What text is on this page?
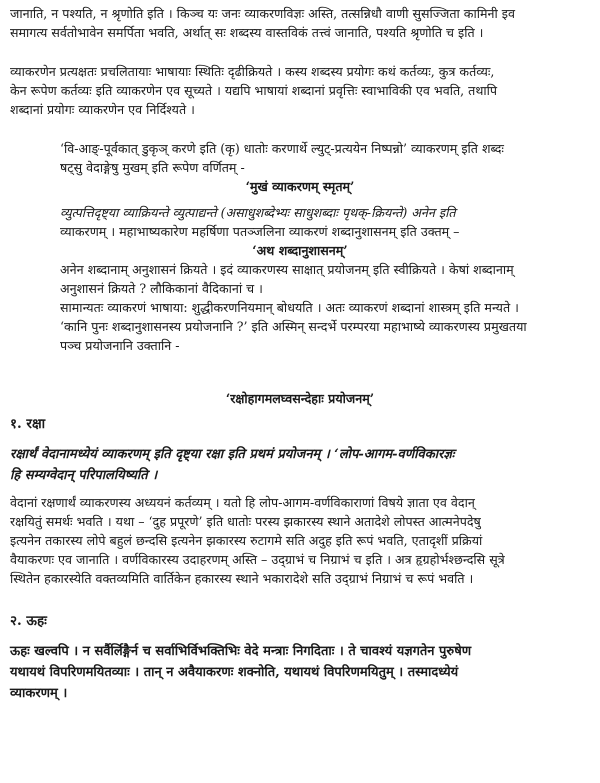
जानाति, न पश्यति, न श्रृणोति इति । किञ्च यः जनः व्याकरणविज्ञः अस्ति, तत्सन्निधौ वाणी सुसज्जिता कामिनी इव
समागत्य सर्वतोभावेन समर्पिता भवति, अर्थात् सः शब्दस्य वास्तविकं तत्त्वं जानाति, पश्यति श्रृणोति च इति ।

व्याकरणेन प्रत्यक्षतः प्रचलितायाः भाषायाः स्थितिः दृढीक्रियते । कस्य शब्दस्य प्रयोगः कथं कर्तव्यः, कुत्र कर्तव्यः,
केन रूपेण कर्तव्यः इति व्याकरणेन एव सूच्यते । यद्यपि भाषायां शब्दानां प्रवृत्तिः स्वाभाविकी एव भवति, तथापि
शब्दानां प्रयोगः व्याकरणेन एव निर्दिश्यते ।

‘वि-आङ्-पूर्वकात् डुकृञ् करणे इति (कृ) धातोः करणार्थे ल्युट्-प्रत्ययेन निष्पन्नो’ व्याकरणम् इति शब्दः
षट्सु वेदाङ्गेषु मुखम् इति रूपेण वर्णितम् -

‘मुखं व्याकरणम् स्मृतम्’

व्युत्पत्तिदृष्ट्या व्याक्रियन्ते व्युत्पाद्यन्ते (असाधुशब्देभ्यः साधुशब्दाः पृथक्-क्रियन्ते) अनेन इति
व्याकरणम् । महाभाष्यकारेण महर्षिणा पतञ्जलिना व्याकरणं शब्दानुशासनम् इति उक्तम् –

‘अथ शब्दानुशासनम्’

अनेन शब्दानाम् अनुशासनं क्रियते । इदं व्याकरणस्य साक्षात् प्रयोजनम् इति स्वीक्रियते । केषां शब्दानाम्
अनुशासनं क्रियते ? लौकिकानां वैदिकानां च ।

सामान्यतः व्याकरणं भाषाया: शुद्धीकरणनियमान् बोधयति । अतः व्याकरणं शब्दानां शास्त्रम् इति मन्यते ।
‘कानि पुनः शब्दानुशासनस्य प्रयोजनानि ?’ इति अस्मिन् सन्दर्भे परम्परया महाभाष्ये व्याकरणस्य प्रमुखतया
पञ्च प्रयोजनानि उक्तानि -

‘रक्षोहागमलघ्वसन्देहाः प्रयोजनम्’

१. रक्षा

रक्षार्थं वेदानामध्येयं व्याकरणम् इति दृष्ट्या रक्षा इति प्रथमं प्रयोजनम् । ‘लोप-आगम-वर्णविकारज्ञः
हि सम्यग्वेदान् परिपालयिष्यति ।

वेदानां रक्षणार्थं व्याकरणस्य अध्ययनं कर्तव्यम् । यतो हि लोप-आगम-वर्णविकाराणां विषये ज्ञाता एव वेदान्
रक्षयितुं समर्थः भवति । यथा – ‘दुह प्रपूरणे’ इति धातोः परस्य झकारस्य स्थाने अतादेशे लोपस्त आत्मनेपदेषु
इत्यनेन तकारस्य लोपे बहुलं छन्दसि इत्यनेन झकारस्य रुटागमे सति अदुह इति रूपं भवति, एतादृशीं प्रक्रियां
वैयाकरणः एव जानाति । वर्णविकारस्य उदाहरणम् अस्ति – उद्ग्राभं च निग्राभं च इति । अत्र हृग्रहोर्भश्छन्दसि सूत्रे
स्थितेन हकारस्येति वक्तव्यमिति वार्तिकेन हकारस्य स्थाने भकारादेशे सति उद्ग्राभं निग्राभं च रूपं भवति ।

२. ऊहः

ऊहः खल्वपि । न सर्वैर्लिङ्गैर्न च सर्वाभिर्विभक्तिभिः वेदे मन्त्राः निगदिताः । ते चावश्यं यज्ञगतेन पुरुषेण
यथायथं विपरिणमयितव्याः । तान् न अवैयाकरणः शक्नोति, यथायथं विपरिणमयितुम् । तस्मादध्येयं
व्याकरणम् ।
